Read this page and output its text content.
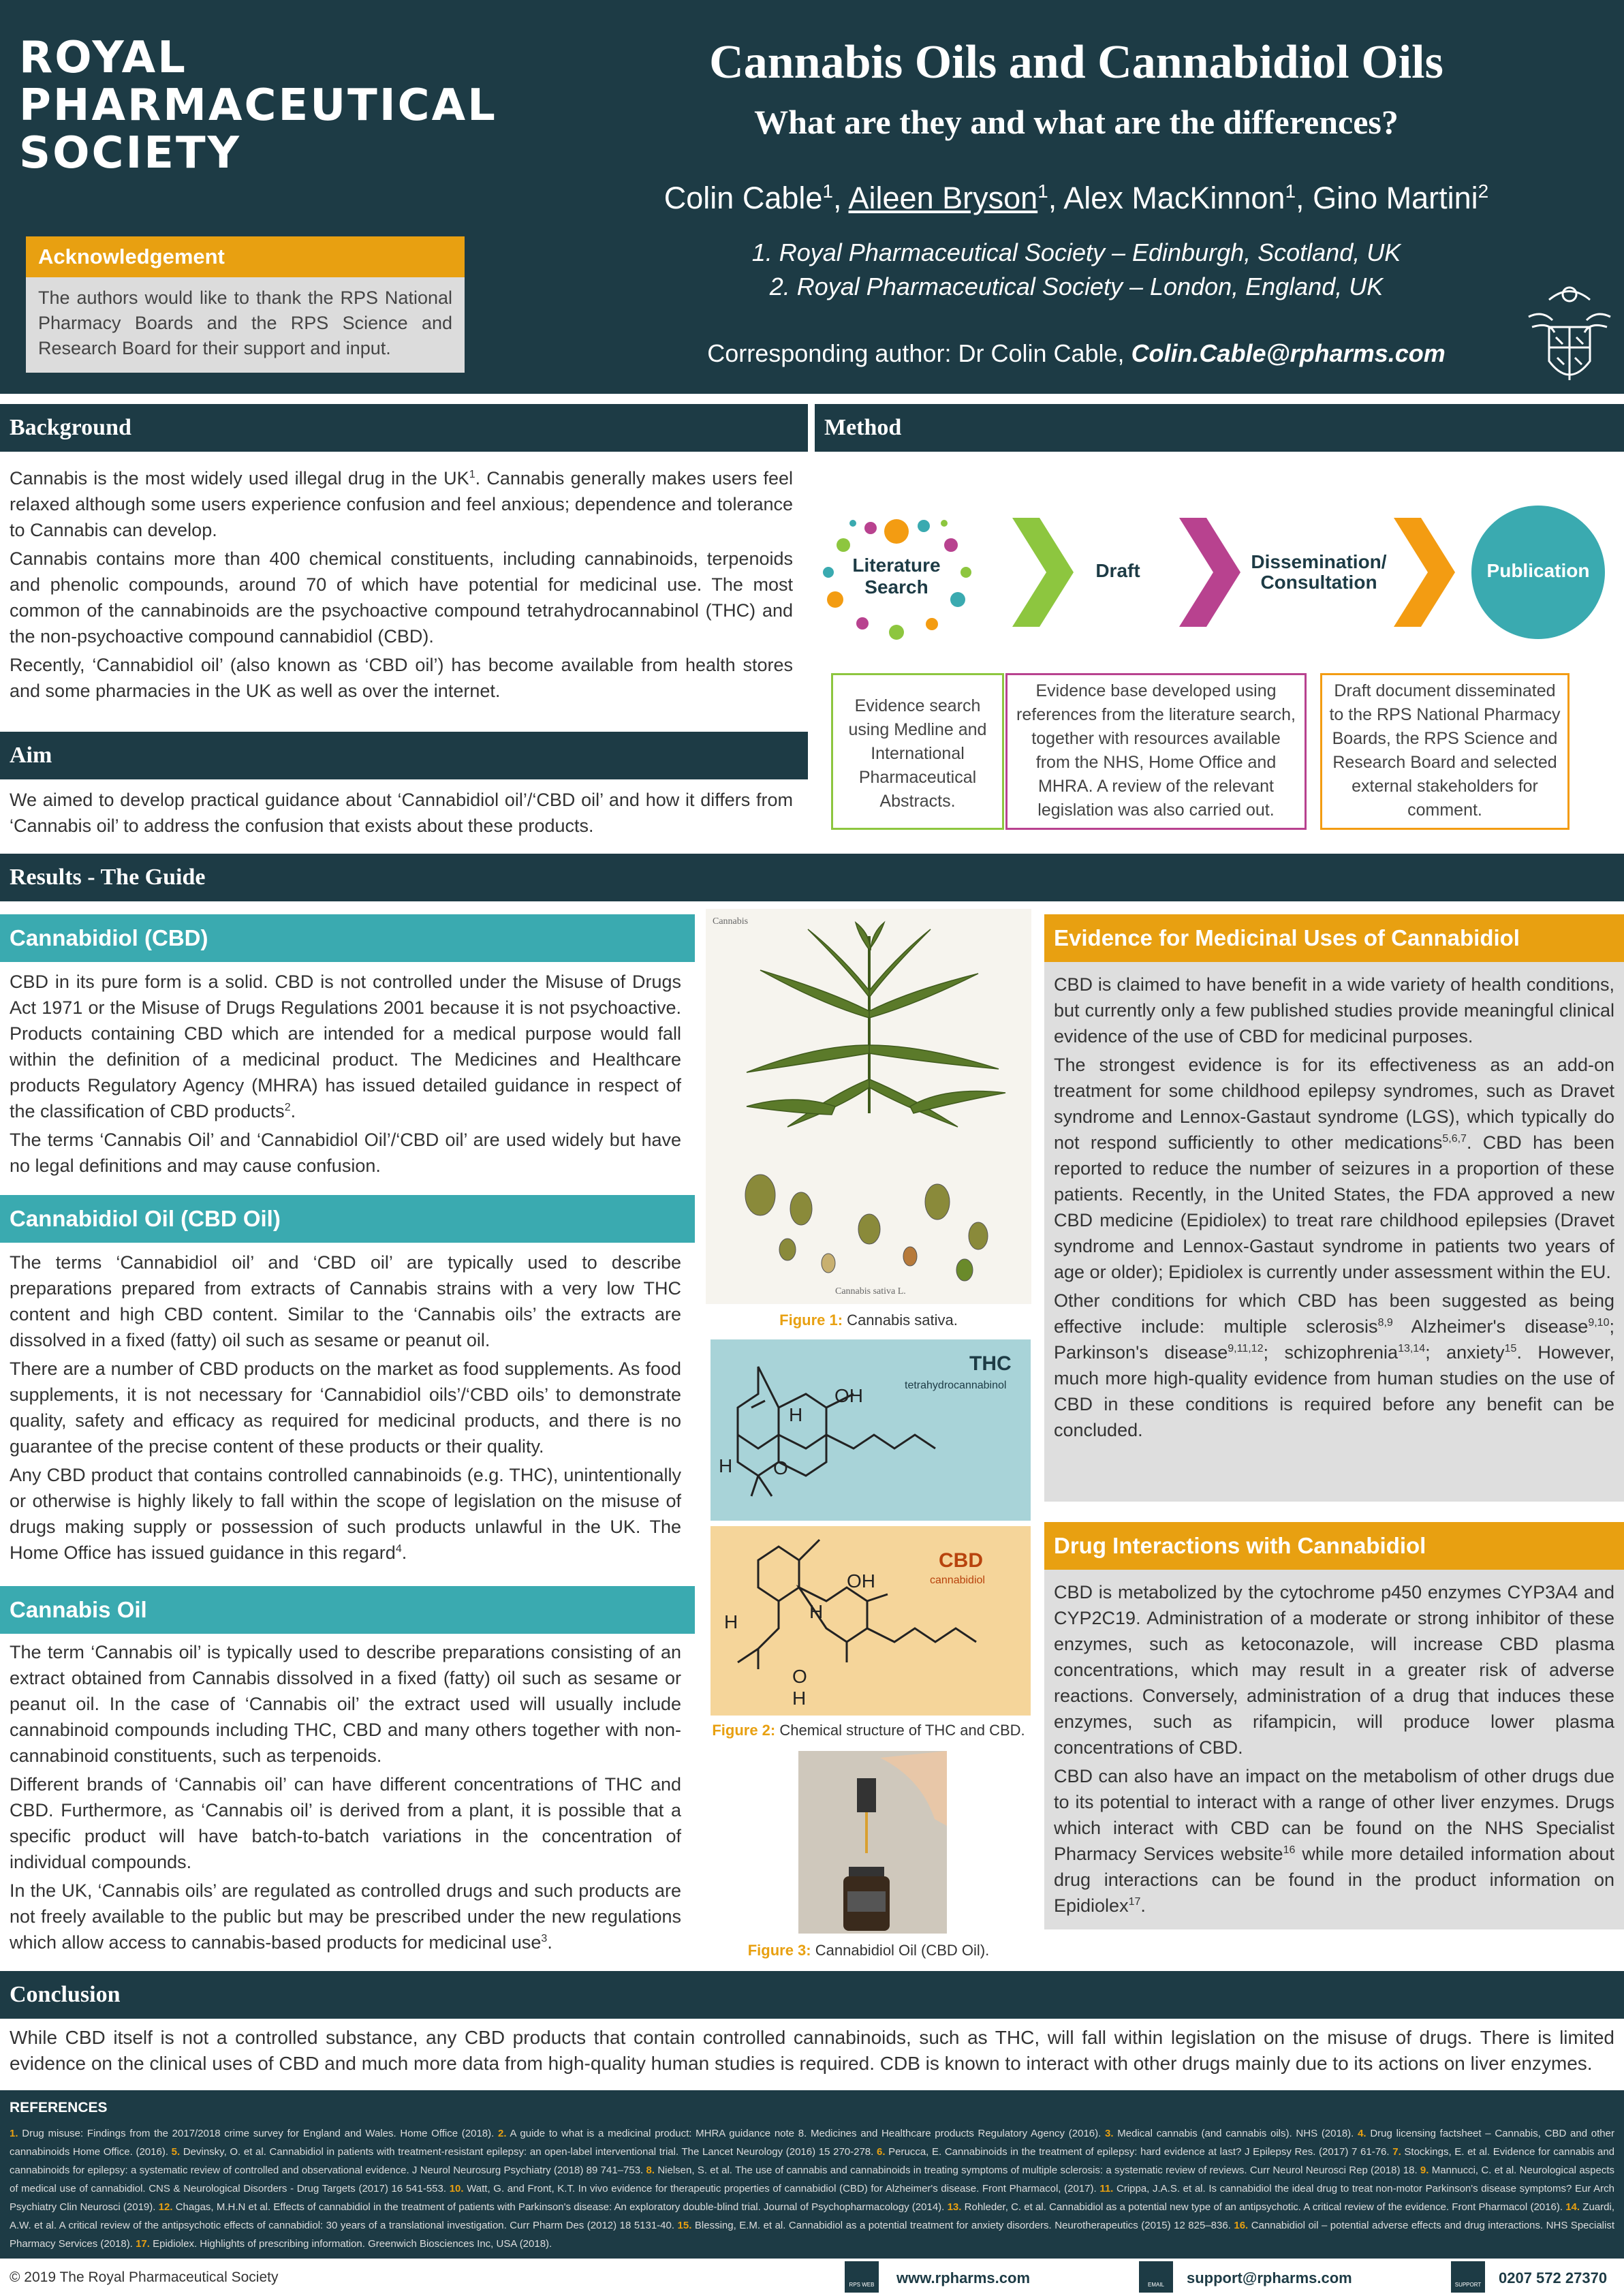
ROYAL
PHARMACEUTICAL
SOCIETY
Acknowledgement
The authors would like to thank the RPS National Pharmacy Boards and the RPS Science and Research Board for their support and input.
Cannabis Oils and Cannabidiol Oils
What are they and what are the differences?
Colin Cable$^1$, Aileen Bryson$^1$, Alex MacKinnon$^1$, Gino Martini$^2$
1. Royal Pharmaceutical Society – Edinburgh, Scotland, UK
2. Royal Pharmaceutical Society – London, England, UK
Corresponding author: Dr Colin Cable, Colin.Cable@rpharms.com
Background

Cannabis is the most widely used illegal drug in the $UK^1$. Cannabis generally makes users feel relaxed although some users experience confusion and feel anxious; dependence and tolerance to Cannabis can develop.

Cannabis contains more than 400 chemical constituents, including cannabinoids, terpenoids and phenolic compounds, around 70 of which have potential for medicinal use. The most common of the cannabinoids are the psychoactive compound tetrahydrocannabinol (THC) and the non-psychoactive compound cannabidiol (CBD).

Recently, ‘Cannabidiol oil’ (also known as ‘CBD oil’) has become available from health stores and some pharmacies in the UK as well as over the internet.

Aim

We aimed to develop practical guidance about ‘Cannabidiol oil’/‘CBD oil’ and how it differs from ‘Cannabis oil’ to address the confusion that exists about these products.

Method
Literature Search
Draft	Dissemination/ Consultation
Publication
Evidence search using Medline and International Pharmaceutical Abstracts.
Evidence base developed using references from the literature search, together with resources available from the NHS, Home Office and MHRA. A review of the relevant legislation was also carried out.
Draft document disseminated to the RPS National Pharmacy Boards, the RPS Science and Research Board and selected external stakeholders for comment.
Results - The Guide
Cannabidiol (CBD)

CBD in its pure form is a solid. CBD is not controlled under the Misuse of Drugs Act 1971 or the Misuse of Drugs Regulations 2001 because it is not psychoactive. Products containing CBD which are intended for a medical purpose would fall within the definition of a medicinal product. The Medicines and Healthcare products Regulatory Agency (MHRA) has issued detailed guidance in respect of the classification of CBD products$^2$.

The terms ‘Cannabis Oil’ and ‘Cannabidiol Oil’/‘CBD oil’ are used widely but have no legal definitions and may cause confusion.

Cannabidiol Oil (CBD Oil)

The terms ‘Cannabidiol oil’ and ‘CBD oil’ are typically used to describe preparations prepared from extracts of Cannabis strains with a very low THC content and high CBD content. Similar to the ‘Cannabis oils’ the extracts are dissolved in a fixed (fatty) oil such as sesame or peanut oil.

There are a number of CBD products on the market as food supplements. As food supplements, it is not necessary for ‘Cannabidiol oils’/‘CBD oils’ to demonstrate quality, safety and efficacy as required for medicinal products, and there is no guarantee of the precise content of these products or their quality.

Any CBD product that contains controlled cannabinoids (e.g. THC), unintentionally or otherwise is highly likely to fall within the scope of legislation on the misuse of drugs making supply or possession of such products unlawful in the UK. The Home Office has issued guidance in this regard$^4$.

Cannabis Oil

The term ‘Cannabis oil’ is typically used to describe preparations consisting of an extract obtained from Cannabis dissolved in a fixed (fatty) oil such as sesame or peanut oil. In the case of ‘Cannabis oil’ the extract used will usually include cannabinoid compounds including THC, CBD and many others together with non-cannabinoid constituents, such as terpenoids.

Different brands of ‘Cannabis oil’ can have different concentrations of THC and CBD. Furthermore, as ‘Cannabis oil’ is derived from a plant, it is possible that a specific product will have batch-to-batch variations in the concentration of individual compounds.

In the UK, ‘Cannabis oils’ are regulated as controlled drugs and such products are not freely available to the public but may be prescribed under the new regulations which allow access to cannabis-based products for medicinal use$^3$.

Cannabis
Cannabis sativa L.
Figure 1: Cannabis sativa.
THC
tetrahydrocannabinol
OH
H
H O
CBD
cannabidiol
OH
H	H
O
H
Figure 2: Chemical structure of THC and CBD.
Figure 3: Cannabidiol Oil (CBD Oil).
Evidence for Medicinal Uses of Cannabidiol

CBD is claimed to have benefit in a wide variety of health conditions, but currently only a few published studies provide meaningful clinical evidence of the use of CBD for medicinal purposes.

The strongest evidence is for its effectiveness as an add-on treatment for some childhood epilepsy syndromes, such as Dravet syndrome and Lennox-Gastaut syndrome (LGS), which typically do not respond sufficiently to other medications$^{5,6,7}$. CBD has been reported to reduce the number of seizures in a proportion of these patients. Recently, in the United States, the FDA approved a new CBD medicine (Epidiolex) to treat rare childhood epilepsies (Dravet syndrome and Lennox-Gastaut syndrome in patients two years of age or older); Epidiolex is currently under assessment within the EU.

Other conditions for which CBD has been suggested as being effective include: multiple sclerosis$^{8,9}$ Alzheimer's disease$^{9,10}$; Parkinson's disease$^{9,11,12}$; schizophrenia$^{13,14}$; anxiety$^{15}$. However, much more high-quality evidence from human studies on the use of CBD in these conditions is required before any benefit can be concluded.

Drug Interactions with Cannabidiol

CBD is metabolized by the cytochrome p450 enzymes CYP3A4 and CYP2C19. Administration of a moderate or strong inhibitor of these enzymes, such as ketoconazole, will increase CBD plasma concentrations, which may result in a greater risk of adverse reactions. Conversely, administration of a drug that induces these enzymes, such as rifampicin, will produce lower plasma concentrations of CBD.

CBD can also have an impact on the metabolism of other drugs due to its potential to interact with a range of other liver enzymes. Drugs which interact with CBD can be found on the NHS Specialist Pharmacy Services website$^{16}$ while more detailed information about drug interactions can be found in the product information on Epidiolex$^{17}$.

Conclusion

While CBD itself is not a controlled substance, any CBD products that contain controlled cannabinoids, such as THC, will fall within legislation on the misuse of drugs. There is limited evidence on the clinical uses of CBD and much more data from high-quality human studies is required. CDB is known to interact with other drugs mainly due to its actions on liver enzymes.

REFERENCES
1. Drug misuse: Findings from the 2017/2018 crime survey for England and Wales. Home Office (2018). 2. A guide to what is a medicinal product: MHRA guidance note 8. Medicines and Healthcare products Regulatory Agency (2016). 3. Medical cannabis (and cannabis oils). NHS (2018). 4. Drug licensing factsheet – Cannabis, CBD and other cannabinoids Home Office. (2016). 5. Devinsky, O. et al. Cannabidiol in patients with treatment-resistant epilepsy: an open-label interventional trial. The Lancet Neurology (2016) 15 270-278. 6. Perucca, E. Cannabinoids in the treatment of epilepsy: hard evidence at last? J Epilepsy Res. (2017) 7 61-76. 7. Stockings, E. et al. Evidence for cannabis and cannabinoids for epilepsy: a systematic review of controlled and observational evidence. J Neurol Neurosurg Psychiatry (2018) 89 741–753. 8. Nielsen, S. et al. The use of cannabis and cannabinoids in treating symptoms of multiple sclerosis: a systematic review of reviews. Curr Neurol Neurosci Rep (2018) 18. 9. Mannucci, C. et al. Neurological aspects of medical use of cannabidiol. CNS & Neurological Disorders - Drug Targets (2017) 16 541-553. 10. Watt, G. and Front, K.T. In vivo evidence for therapeutic properties of cannabidiol (CBD) for Alzheimer's disease. Front Pharmacol, (2017). 11. Crippa, J.A.S. et al. Is cannabidiol the ideal drug to treat non-motor Parkinson's disease symptoms? Eur Arch Psychiatry Clin Neurosci (2019). 12. Chagas, M.H.N et al. Effects of cannabidiol in the treatment of patients with Parkinson's disease: An exploratory double-blind trial. Journal of Psychopharmacology (2014). 13. Rohleder, C. et al. Cannabidiol as a potential new type of an antipsychotic. A critical review of the evidence. Front Pharmacol (2016). 14. Zuardi, A.W. et al. A critical review of the antipsychotic effects of cannabidiol: 30 years of a translational investigation. Curr Pharm Des (2012) 18 5131-40. 15. Blessing, E.M. et al. Cannabidiol as a potential treatment for anxiety disorders. Neurotherapeutics (2015) 12 825–836. 16. Cannabidiol oil – potential adverse effects and drug interactions. NHS Specialist Pharmacy Services (2018). 17. Epidiolex. Highlights of prescribing information. Greenwich Biosciences Inc, USA (2018).
© 2019 The Royal Pharmaceutical Society	RPS WEB www.rpharms.com	EMAIL	support@rpharms.com	SUPPORT 0207 572 27370
